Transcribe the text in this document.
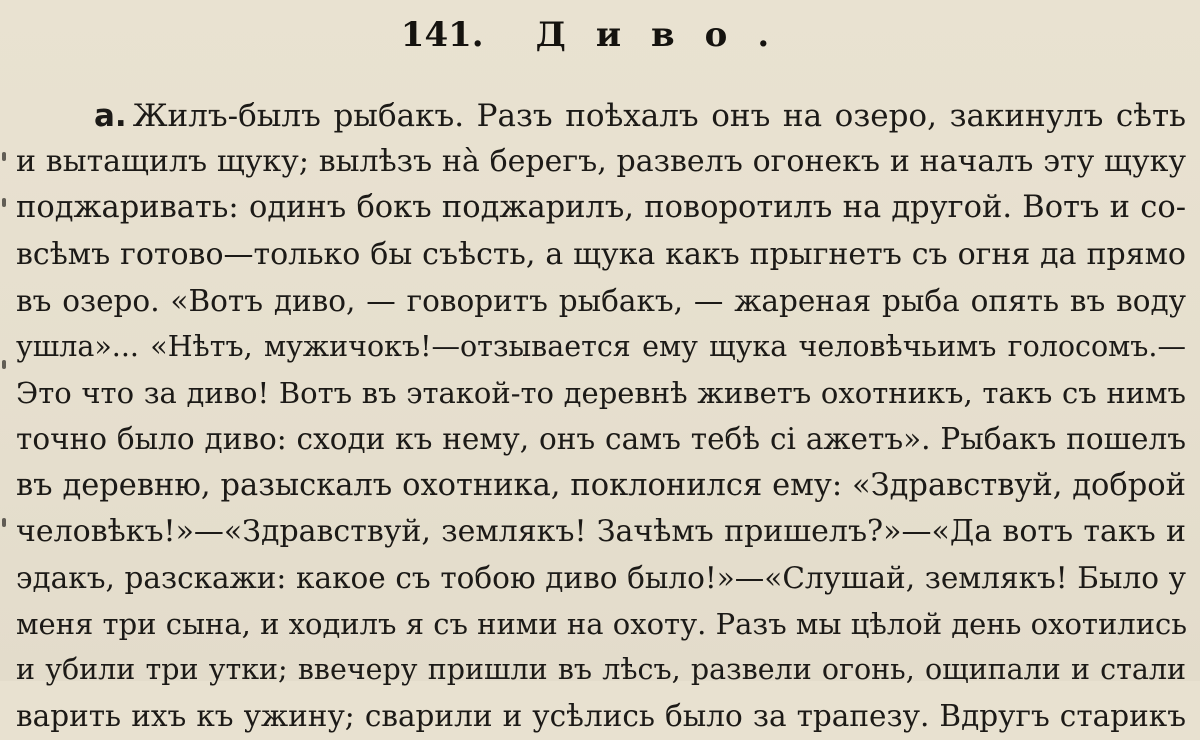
141. Диво.
а. Жилъ-былъ рыбакъ. Разъ поѣхалъ онъ на озеро, закинулъ сѣть
и вытащилъ щуку; вылѣзъ на̀ берегъ, развелъ огонекъ и началъ эту щуку
поджаривать: одинъ бокъ поджарилъ, поворотилъ на другой. Вотъ и со-
всѣмъ готово—только бы съѣсть, а щука какъ прыгнетъ съ огня да прямо
въ озеро. «Вотъ диво, — говоритъ рыбакъ, — жареная рыба опять въ воду
ушла»... «Нѣтъ, мужичокъ!—отзывается ему щука человѣчьимъ голосомъ.—
Это что за диво! Вотъ въ этакой-то деревнѣ живетъ охотникъ, такъ съ нимъ
точно было диво: сходи къ нему, онъ самъ тебѣ сі ажетъ». Рыбакъ пошелъ
въ деревню, разыскалъ охотника, поклонился ему: «Здравствуй, доброй
человѣкъ!»—«Здравствуй, землякъ! Зачѣмъ пришелъ?»—«Да вотъ такъ и
эдакъ, разскажи: какое съ тобою диво было!»—«Слушай, землякъ! Было у
меня три сына, и ходилъ я съ ними на охоту. Разъ мы цѣлой день охотились
и убили три утки; ввечеру пришли въ лѣсъ, развели огонь, ощипали и стали
варить ихъ къ ужину; сварили и усѣлись было за трапезу. Вдругъ старикъ
